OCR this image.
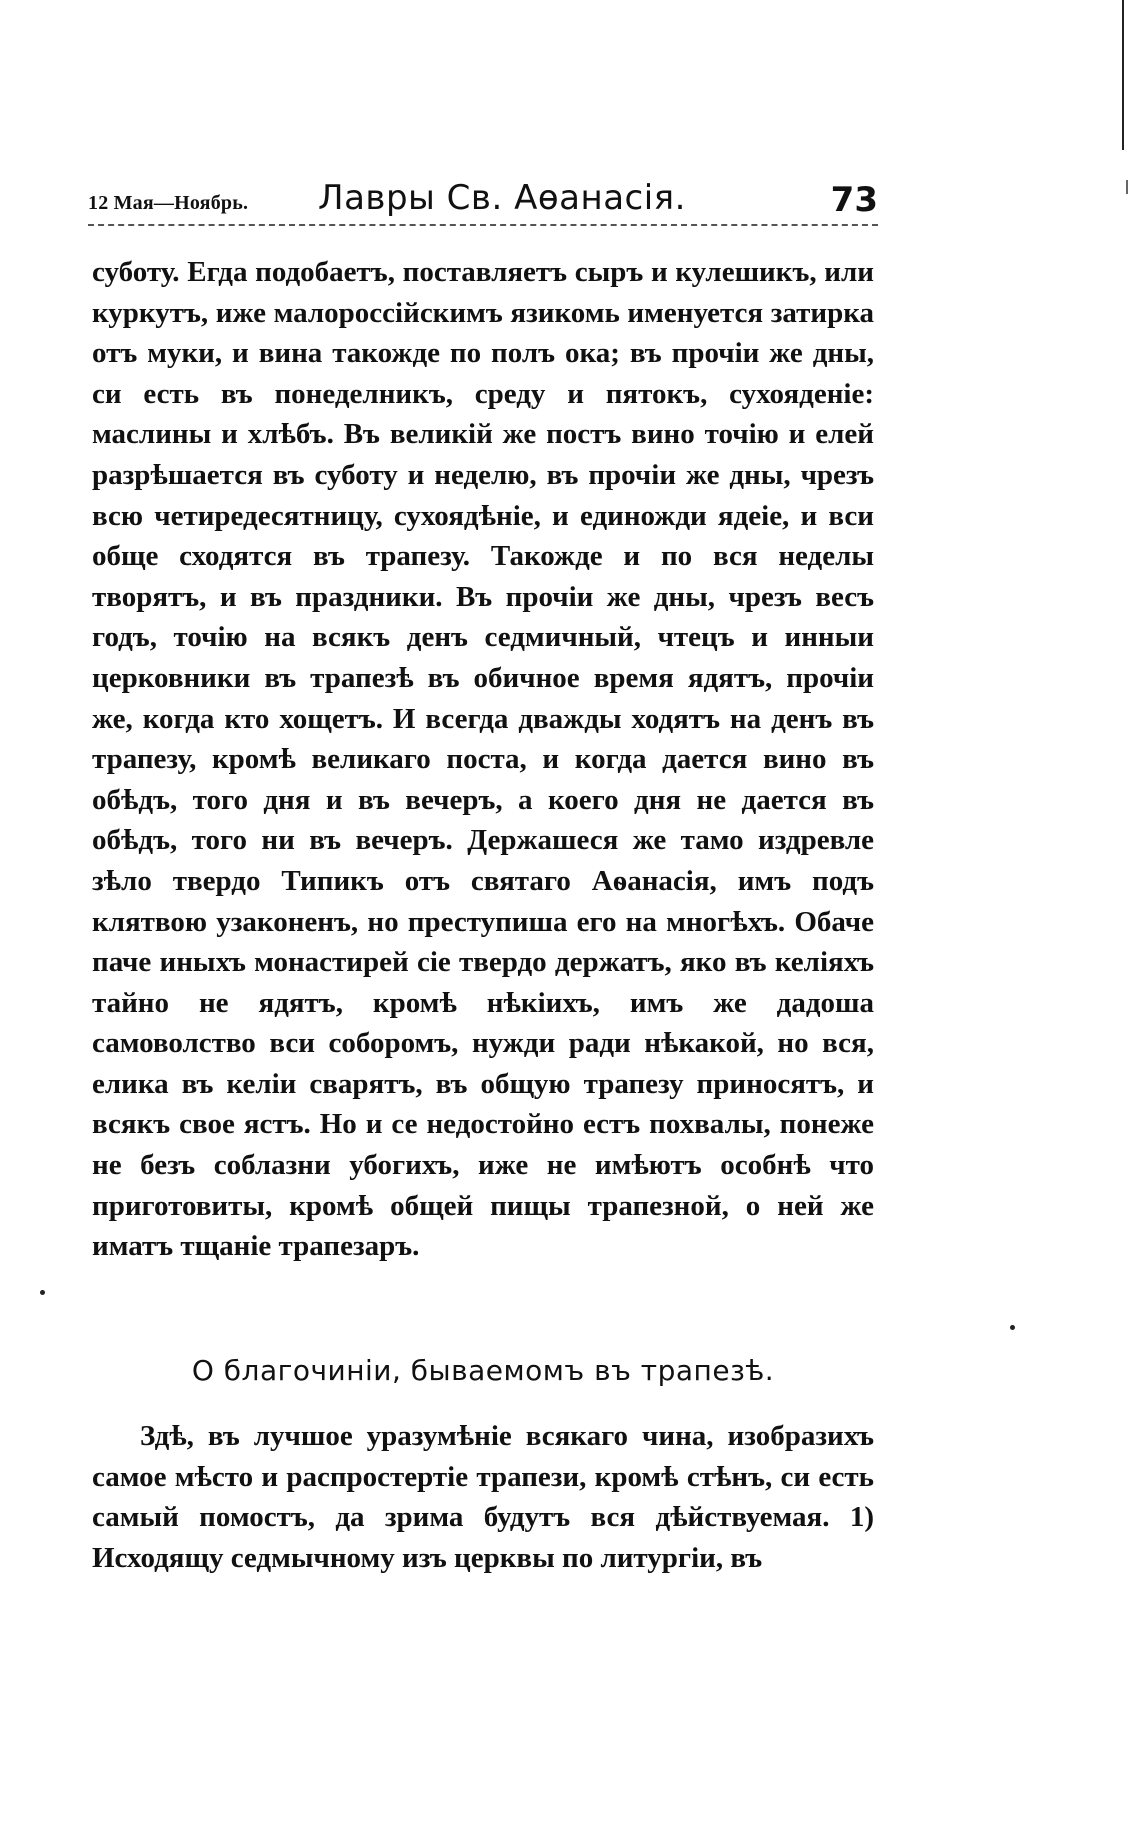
12 Мая—Ноябрь. Лавры Св. Аѳанасія.	73

суботу. Егда подобаетъ, поставляетъ сыръ и кулешикъ, или куркутъ, иже малороссійскимъ язикомь именуется затирка отъ муки, и вина такожде по полъ ока; въ прочіи же дны, си есть въ понеделникъ, среду и пятокъ, сухояденіе: маслины и хлѣбъ. Въ великій же постъ вино точію и елей разрѣшается въ суботу и неделю, въ прочіи же дны, чрезъ всю четиредесятницу, сухоядѣніе, и единожди ядеіе, и вси обще сходятся въ трапезу. Такожде и по вся неделы творятъ, и въ праздники. Въ прочіи же дны, чрезъ весъ годъ, точію на всякъ денъ седмичный, чтецъ и инныи церковники въ трапезѣ въ обичное время ядятъ, прочіи же, когда кто хощетъ. И всегда дважды ходятъ на денъ въ трапезу, кромѣ великаго поста, и когда дается вино въ обѣдъ, того дня и въ вечеръ, а коего дня не дается въ обѣдъ, того ни въ вечеръ. Держашеся же тамо издревле зѣло твердо Типикъ отъ святаго Аѳанасія, имъ подъ клятвою узаконенъ, но преступиша его на многѣхъ. Обаче паче иныхъ монастирей сіе твердо держатъ, яко въ келіяхъ тайно не ядятъ, кромѣ нѣкіихъ, имъ же дадоша самоволство вси соборомъ, нужди ради нѣкакой, но вся, елика въ келіи сварятъ, въ общую трапезу приносятъ, и всякъ свое ястъ. Но и се недостойно естъ похвалы, понеже не безъ соблазни убогихъ, иже не имѣютъ особнѣ что приготовиты, кромѣ общей пищы трапезной, о ней же иматъ тщаніе трапезаръ.

О благочиніи, бываемомъ въ трапезѣ.

Здѣ, въ лучшое уразумѣніе всякаго чина, изобразихъ самое мѣсто и распростертіе трапези, кромѣ стѣнъ, си есть самый помостъ, да зрима будутъ вся дѣйствуемая. 1) Исходящу седмычному изъ церквы по литургіи, въ
